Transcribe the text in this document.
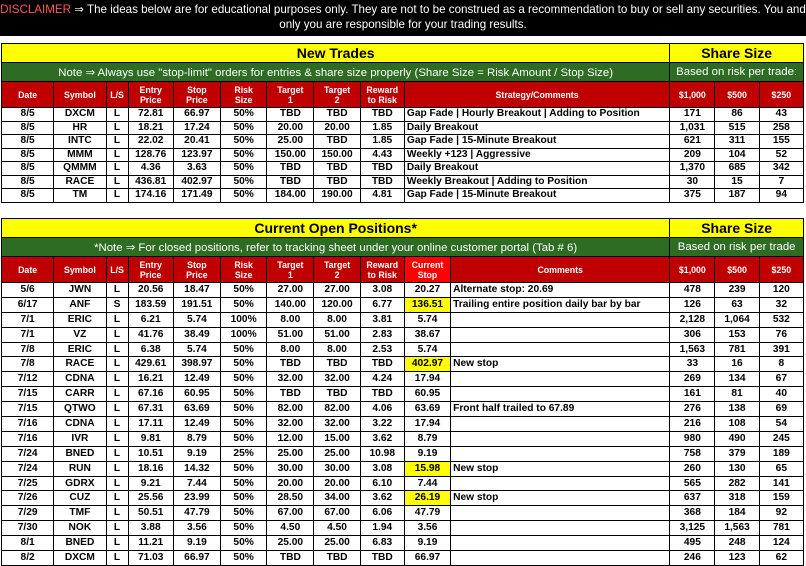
DISCLAIMER ⇒ The ideas below are for educational purposes only. They are not to be construed as a recommendation to buy or sell any securities. You and
only you are responsible for your trading results.
New Trades										Share Size		
Note ⇒ Always use "stop-limit" orders for entries & share size properly (Share Size = Risk Amount / Stop Size)										Based on risk per trade:		
Date	Symbol	L/S	Entry
Price	Stop
Price	Risk
Size	Target
1	Target
2	Reward
to Risk	Strategy/Comments	$1,000	$500	$250
8/5	DXCM	L	72.81	66.97	50%	TBD	TBD	TBD	Gap Fade | Hourly Breakout | Adding to Position	171	86	43
8/5	HR	L	18.21	17.24	50%	20.00	20.00	1.85	Daily Breakout	1,031	515	258
8/5	INTC	L	22.02	20.41	50%	25.00	TBD	1.85	Gap Fade | 15-Minute Breakout	621	311	155
8/5	MMM	L	128.76	123.97	50%	150.00	150.00	4.43	Weekly +123 | Aggressive	209	104	52
8/5	QMMM	L	4.36	3.63	50%	TBD	TBD	TBD	Daily Breakout	1,370	685	342
8/5	RACE	L	436.81	402.97	50%	TBD	TBD	TBD	Weekly Breakout | Adding to Position	30	15	7
8/5	TM	L	174.16	171.49	50%	184.00	190.00	4.81	Gap Fade | 15-Minute Breakout	375	187	94
Current Open Positions*											Share Size		
*Note ⇒ For closed positions, refer to tracking sheet under your online customer portal (Tab # 6)											Based on risk per trade		
Date	Symbol	L/S	Entry
Price	Stop
Price	Risk
Size	Target
1	Target
2	Reward
to Risk	Current
Stop	Comments	$1,000	$500	$250
5/6	JWN	L	20.56	18.47	50%	27.00	27.00	3.08	20.27	Alternate stop: 20.69	478	239	120
6/17	ANF	S	183.59	191.51	50%	140.00	120.00	6.77	136.51	Trailing entire position daily bar by bar	126	63	32
7/1	ERIC	L	6.21	5.74	100%	8.00	8.00	3.81	5.74		2,128	1,064	532
7/1	VZ	L	41.76	38.49	100%	51.00	51.00	2.83	38.67		306	153	76
7/8	ERIC	L	6.38	5.74	50%	8.00	8.00	2.53	5.74		1,563	781	391
7/8	RACE	L	429.61	398.97	50%	TBD	TBD	TBD	402.97	New stop	33	16	8
7/12	CDNA	L	16.21	12.49	50%	32.00	32.00	4.24	17.94		269	134	67
7/15	CARR	L	67.16	60.95	50%	TBD	TBD	TBD	60.95		161	81	40
7/15	QTWO	L	67.31	63.69	50%	82.00	82.00	4.06	63.69	Front half trailed to 67.89	276	138	69
7/16	CDNA	L	17.11	12.49	50%	32.00	32.00	3.22	17.94		216	108	54
7/16	IVR	L	9.81	8.79	50%	12.00	15.00	3.62	8.79		980	490	245
7/24	BNED	L	10.51	9.19	25%	25.00	25.00	10.98	9.19		758	379	189
7/24	RUN	L	18.16	14.32	50%	30.00	30.00	3.08	15.98	New stop	260	130	65
7/25	GDRX	L	9.21	7.44	50%	20.00	20.00	6.10	7.44		565	282	141
7/26	CUZ	L	25.56	23.99	50%	28.50	34.00	3.62	26.19	New stop	637	318	159
7/29	TMF	L	50.51	47.79	50%	67.00	67.00	6.06	47.79		368	184	92
7/30	NOK	L	3.88	3.56	50%	4.50	4.50	1.94	3.56		3,125	1,563	781
8/1	BNED	L	11.21	9.19	50%	25.00	25.00	6.83	9.19		495	248	124
8/2	DXCM	L	71.03	66.97	50%	TBD	TBD	TBD	66.97		246	123	62
